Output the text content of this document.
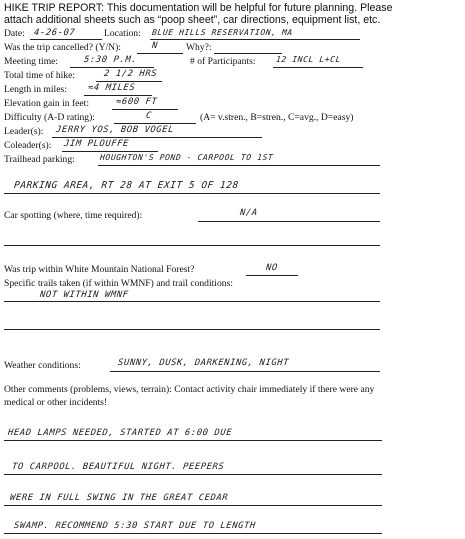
HIKE TRIP REPORT: This documentation will be helpful for future planning. Please
attach additional sheets such as “poop sheet”, car directions, equipment list, etc.
Date: 4-26-07	Location: BLUE HILLS RESERVATION, MA
Was the trip cancelled? (Y/N):	N	Why?:
Meeting time:	5:30 P.M.	# of Participants: 12 INCL L+CL
Total time of hike:	2 1/2 HRS
Length in miles: ≈4 MILES
Elevation gain in feet:	≈600 FT
Difficulty (A-D rating):	C	(A= v.stren., B=stren., C=avg., D=easy)
Leader(s): JERRY YOS, BOB VOGEL
Coleader(s): JIM PLOUFFE
Trailhead parking:	HOUGHTON'S POND - CARPOOL TO 1ST
PARKING AREA, RT 28 AT EXIT 5 OF 128
Car spotting (where, time required):	N/A
Was trip within White Mountain National Forest?	NO
Specific trails taken (if within WMNF) and trail conditions:
NOT WITHIN WMNF
Weather conditions:	SUNNY, DUSK, DARKENING, NIGHT
Other comments (problems, views, terrain): Contact activity chair immediately if there were any
medical or other incidents!
HEAD LAMPS NEEDED, STARTED AT 6:00 DUE
TO CARPOOL. BEAUTIFUL NIGHT. PEEPERS
WERE IN FULL SWING IN THE GREAT CEDAR
SWAMP. RECOMMEND 5:30 START DUE TO LENGTH
